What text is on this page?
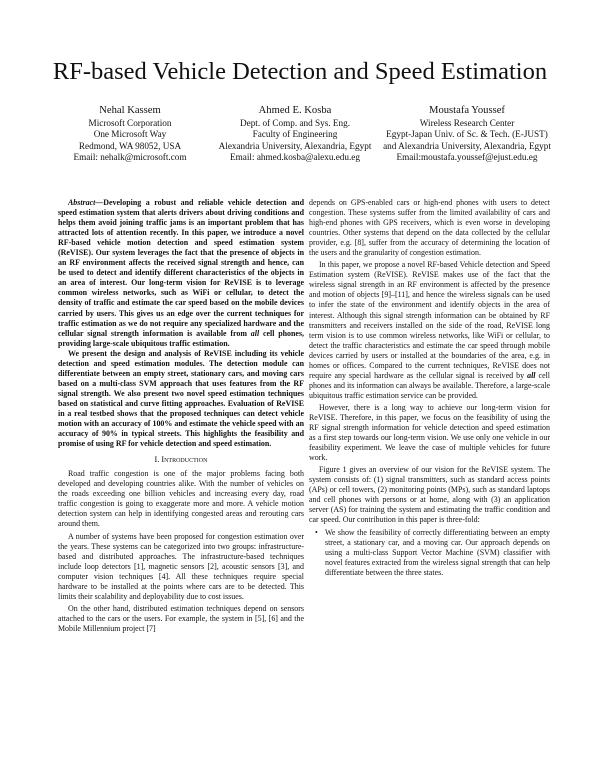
RF-based Vehicle Detection and Speed Estimation
Nehal Kassem
Microsoft Corporation
One Microsoft Way
Redmond, WA 98052, USA
Email: nehalk@microsoft.com
Ahmed E. Kosba
Dept. of Comp. and Sys. Eng.
Faculty of Engineering
Alexandria University, Alexandria, Egypt
Email: ahmed.kosba@alexu.edu.eg
Moustafa Youssef
Wireless Research Center
Egypt-Japan Univ. of Sc. & Tech. (E-JUST)
and Alexandria University, Alexandria, Egypt
Email:moustafa.youssef@ejust.edu.eg

Abstract—Developing a robust and reliable vehicle detection and speed estimation system that alerts drivers about driving conditions and helps them avoid joining traffic jams is an important problem that has attracted lots of attention recently. In this paper, we introduce a novel RF-based vehicle motion detection and speed estimation system (ReVISE). Our system leverages the fact that the presence of objects in an RF environment affects the received signal strength and hence, can be used to detect and identify different characteristics of the objects in an area of interest. Our long-term vision for ReVISE is to leverage common wireless networks, such as WiFi or cellular, to detect the density of traffic and estimate the car speed based on the mobile devices carried by users. This gives us an edge over the current techniques for traffic estimation as we do not require any specialized hardware and the cellular signal strength information is available from all cell phones, providing large-scale ubiquitous traffic estimation.

We present the design and analysis of ReVISE including its vehicle detection and speed estimation modules. The detection module can differentiate between an empty street, stationary cars, and moving cars based on a multi-class SVM approach that uses features from the RF signal strength. We also present two novel speed estimation techniques based on statistical and curve fitting approaches. Evaluation of ReVISE in a real testbed shows that the proposed techniques can detect vehicle motion with an accuracy of 100% and estimate the vehicle speed with an accuracy of 90% in typical streets. This highlights the feasibility and promise of using RF for vehicle detection and speed estimation.

I. Introduction

Road traffic congestion is one of the major problems facing both developed and developing countries alike. With the number of vehicles on the roads exceeding one billion vehicles and increasing every day, road traffic congestion is going to exaggerate more and more. A vehicle motion detection system can help in identifying congested areas and rerouting cars around them.

A number of systems have been proposed for congestion estimation over the years. These systems can be categorized into two groups: infrastructure-based and distributed approaches. The infrastructure-based techniques include loop detectors [1], magnetic sensors [2], acoustic sensors [3], and computer vision techniques [4]. All these techniques require special hardware to be installed at the points where cars are to be detected. This limits their scalability and deployability due to cost issues.

On the other hand, distributed estimation techniques depend on sensors attached to the cars or the users. For example, the system in [5], [6] and the Mobile Millennium project [7]

depends on GPS-enabled cars or high-end phones with users to detect congestion. These systems suffer from the limited availability of cars and high-end phones with GPS receivers, which is even worse in developing countries. Other systems that depend on the data collected by the cellular provider, e.g. [8], suffer from the accuracy of determining the location of the users and the granularity of congestion estimation.

In this paper, we propose a novel RF-based Vehicle detection and Speed Estimation system (ReVISE). ReVISE makes use of the fact that the wireless signal strength in an RF environment is affected by the presence and motion of objects [9]–[11], and hence the wireless signals can be used to infer the state of the environment and identify objects in the area of interest. Although this signal strength information can be obtained by RF transmitters and receivers installed on the side of the road, ReVISE long term vision is to use common wireless networks, like WiFi or cellular, to detect the traffic characteristics and estimate the car speed through mobile devices carried by users or installed at the boundaries of the area, e.g. in homes or offices. Compared to the current techniques, ReVISE does not require any special hardware as the cellular signal is received by all cell phones and its information can always be available. Therefore, a large-scale ubiquitous traffic estimation service can be provided.

However, there is a long way to achieve our long-term vision for ReVISE. Therefore, in this paper, we focus on the feasibility of using the RF signal strength information for vehicle detection and speed estimation as a first step towards our long-term vision. We use only one vehicle in our feasibility experiment. We leave the case of multiple vehicles for future work.

Figure 1 gives an overview of our vision for the ReVISE system. The system consists of: (1) signal transmitters, such as standard access points (APs) or cell towers, (2) monitoring points (MPs), such as standard laptops and cell phones with persons or at home, along with (3) an application server (AS) for training the system and estimating the traffic condition and car speed. Our contribution in this paper is three-fold:

• We show the feasibility of correctly differentiating between an empty street, a stationary car, and a moving car. Our approach depends on using a multi-class Support Vector Machine (SVM) classifier with novel features extracted from the wireless signal strength that can help differentiate between the three states.
